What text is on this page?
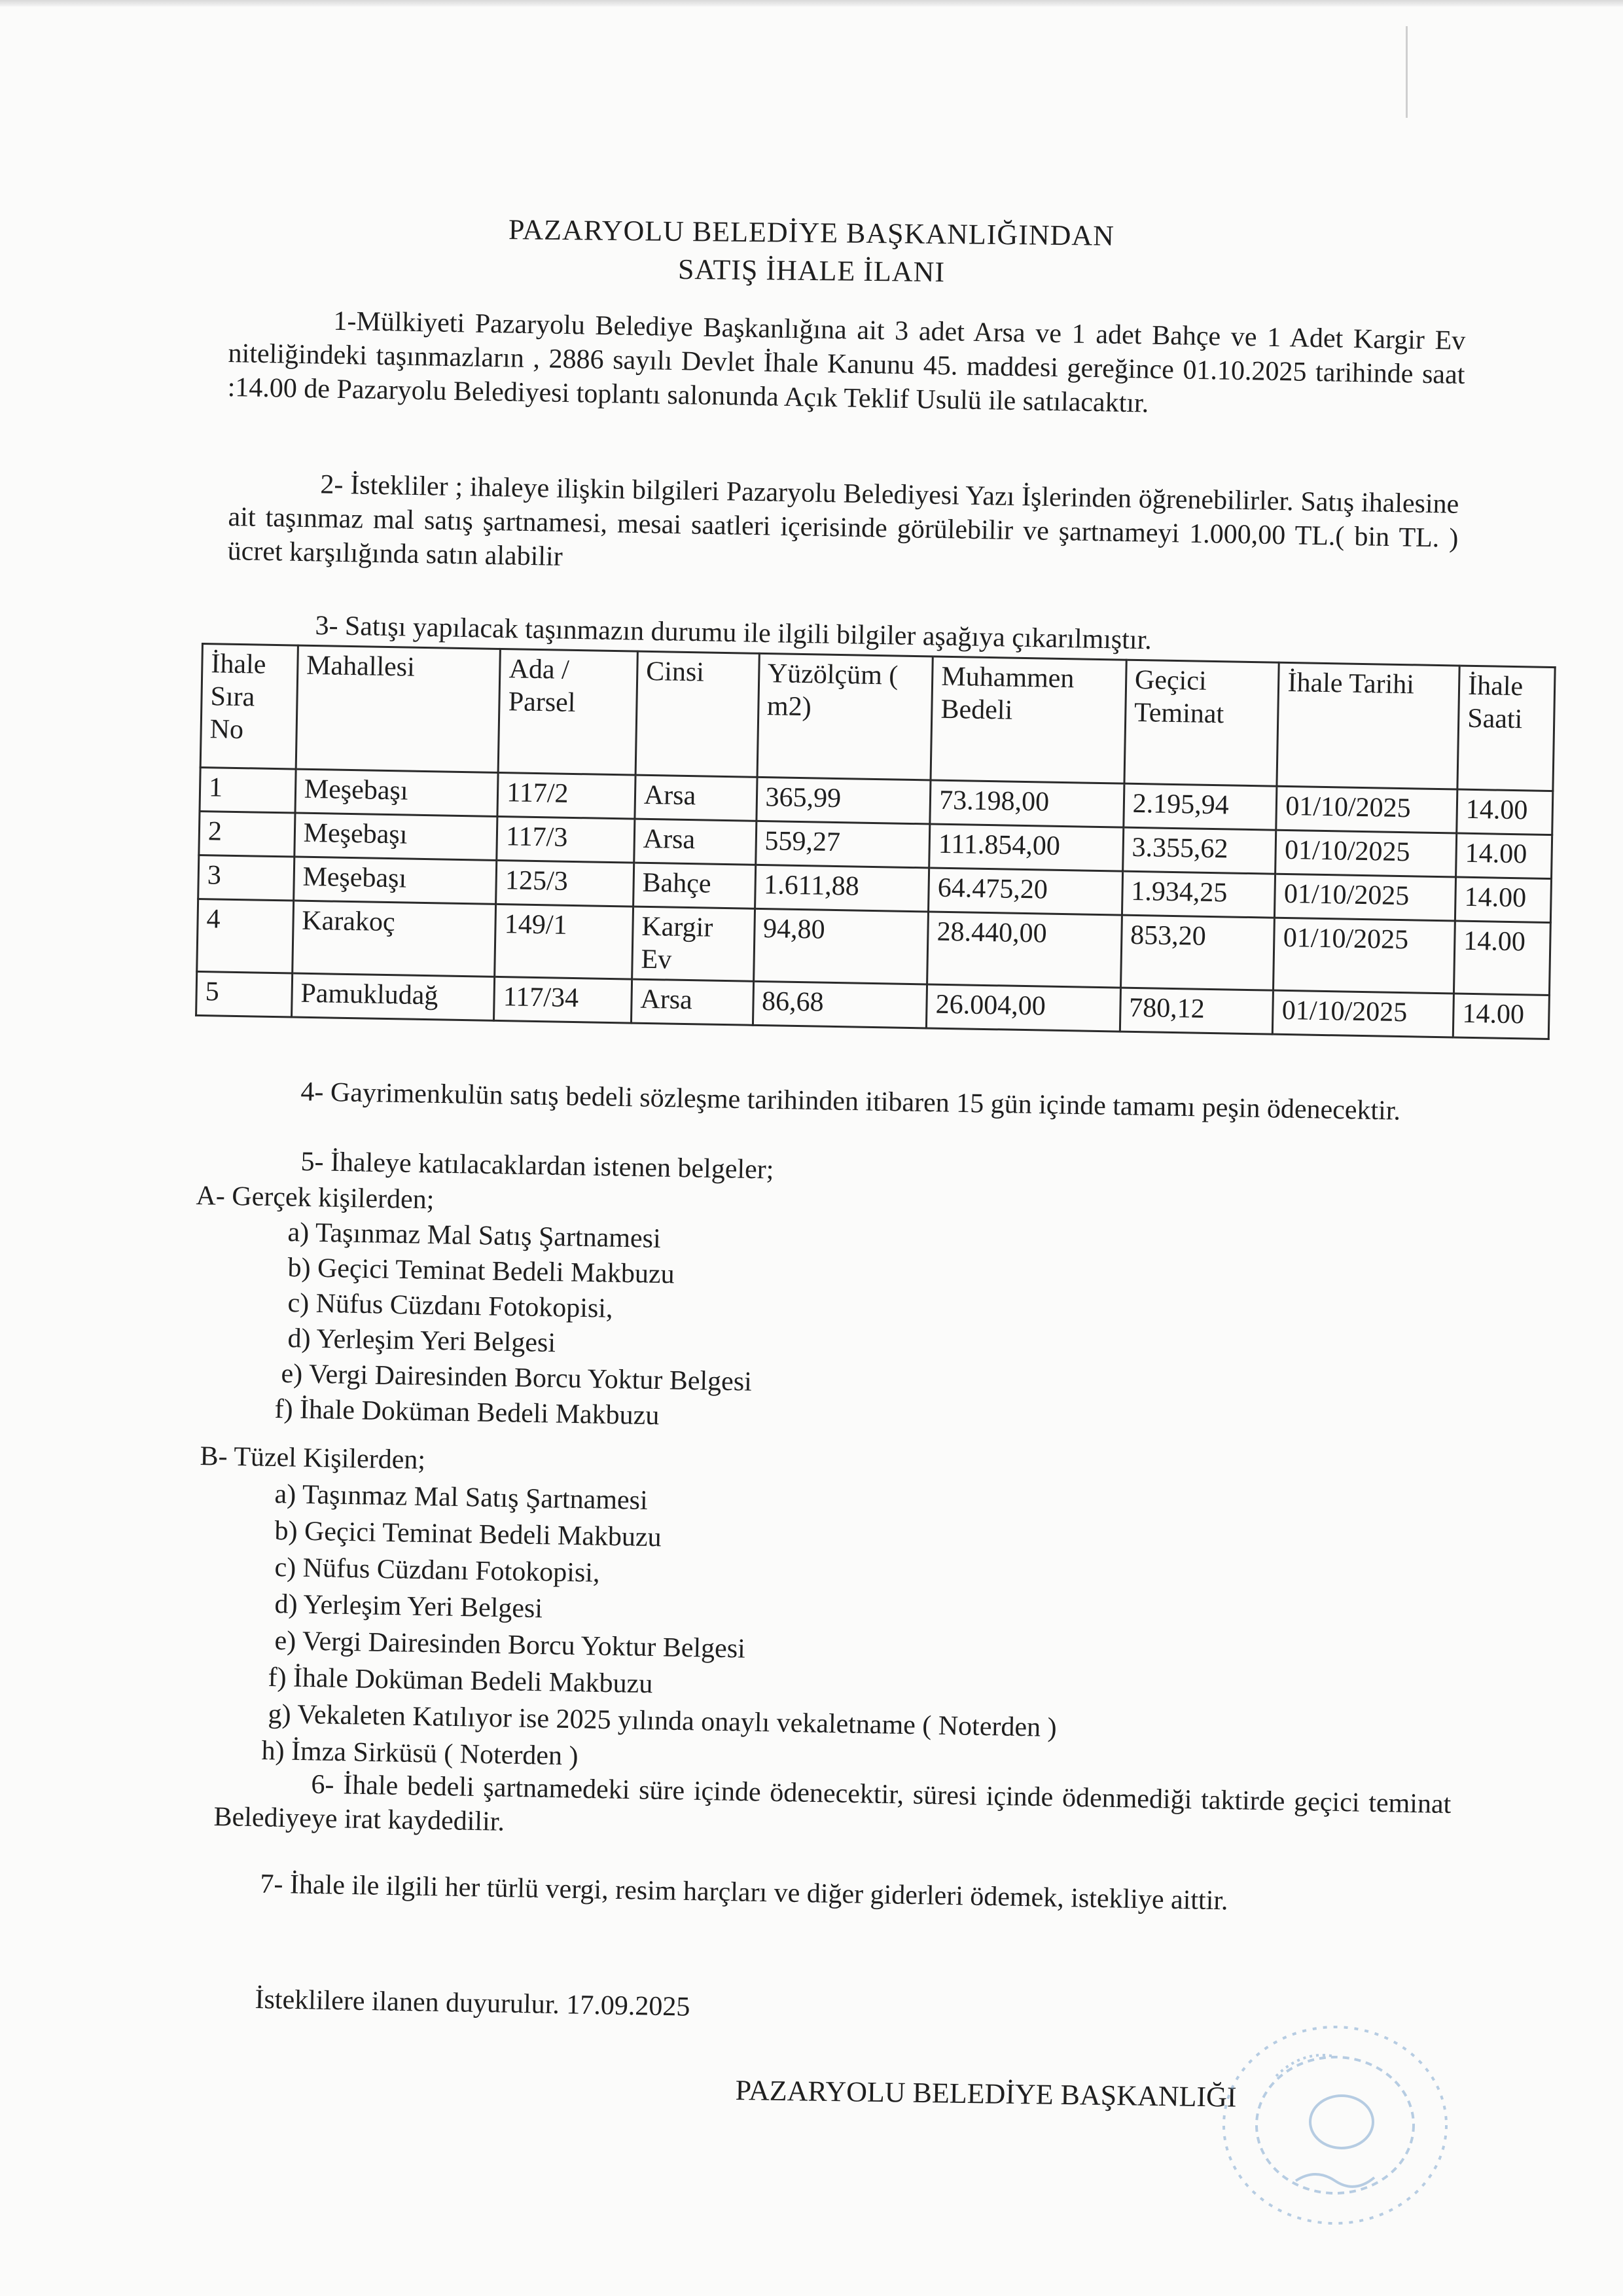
PAZARYOLU BELEDİYE BAŞKANLIĞINDAN
SATIŞ İHALE İLANI
1-Mülkiyeti Pazaryolu Belediye Başkanlığına ait 3 adet Arsa ve 1 adet Bahçe ve 1 Adet Kargir Ev niteliğindeki taşınmazların , 2886 sayılı Devlet İhale Kanunu 45. maddesi gereğince 01.10.2025 tarihinde saat :14.00 de Pazaryolu Belediyesi toplantı salonunda Açık Teklif Usulü ile satılacaktır.
2- İstekliler ; ihaleye ilişkin bilgileri Pazaryolu Belediyesi Yazı İşlerinden öğrenebilirler. Satış ihalesine ait taşınmaz mal satış şartnamesi, mesai saatleri içerisinde görülebilir ve şartnameyi 1.000,00 TL.( bin TL. ) ücret karşılığında satın alabilir
3- Satışı yapılacak taşınmazın durumu ile ilgili bilgiler aşağıya çıkarılmıştır.
İhale Sıra No	Mahallesi	Ada / Parsel	Cinsi	Yüzölçüm ( m2)	Muhammen Bedeli	Geçici Teminat	İhale Tarihi	İhale Saati
1	Meşebaşı	117/2	Arsa	365,99	73.198,00	2.195,94	01/10/2025	14.00
2	Meşebaşı	117/3	Arsa	559,27	111.854,00	3.355,62	01/10/2025	14.00
3	Meşebaşı	125/3	Bahçe	1.611,88	64.475,20	1.934,25	01/10/2025	14.00
4	Karakoç	149/1	Kargir Ev	94,80	28.440,00	853,20	01/10/2025	14.00
5	Pamukludağ	117/34	Arsa	86,68	26.004,00	780,12	01/10/2025	14.00
4- Gayrimenkulün satış bedeli sözleşme tarihinden itibaren 15 gün içinde tamamı peşin ödenecektir.
5- İhaleye katılacaklardan istenen belgeler;
A- Gerçek kişilerden;
a) Taşınmaz Mal Satış Şartnamesi
b) Geçici Teminat Bedeli Makbuzu
c) Nüfus Cüzdanı Fotokopisi,
d) Yerleşim Yeri Belgesi
e) Vergi Dairesinden Borcu Yoktur Belgesi
f) İhale Doküman Bedeli Makbuzu
B- Tüzel Kişilerden;
a) Taşınmaz Mal Satış Şartnamesi
b) Geçici Teminat Bedeli Makbuzu
c) Nüfus Cüzdanı Fotokopisi,
d) Yerleşim Yeri Belgesi
e) Vergi Dairesinden Borcu Yoktur Belgesi
f) İhale Doküman Bedeli Makbuzu
g) Vekaleten Katılıyor ise 2025 yılında onaylı vekaletname ( Noterden )
h) İmza Sirküsü ( Noterden )
6- İhale bedeli şartnamedeki süre içinde ödenecektir, süresi içinde ödenmediği taktirde geçici teminat Belediyeye irat kaydedilir.
7- İhale ile ilgili her türlü vergi, resim harçları ve diğer giderleri ödemek, istekliye aittir.
İsteklilere ilanen duyurulur. 17.09.2025
PAZARYOLU BELEDİYE BAŞKANLIĞI
